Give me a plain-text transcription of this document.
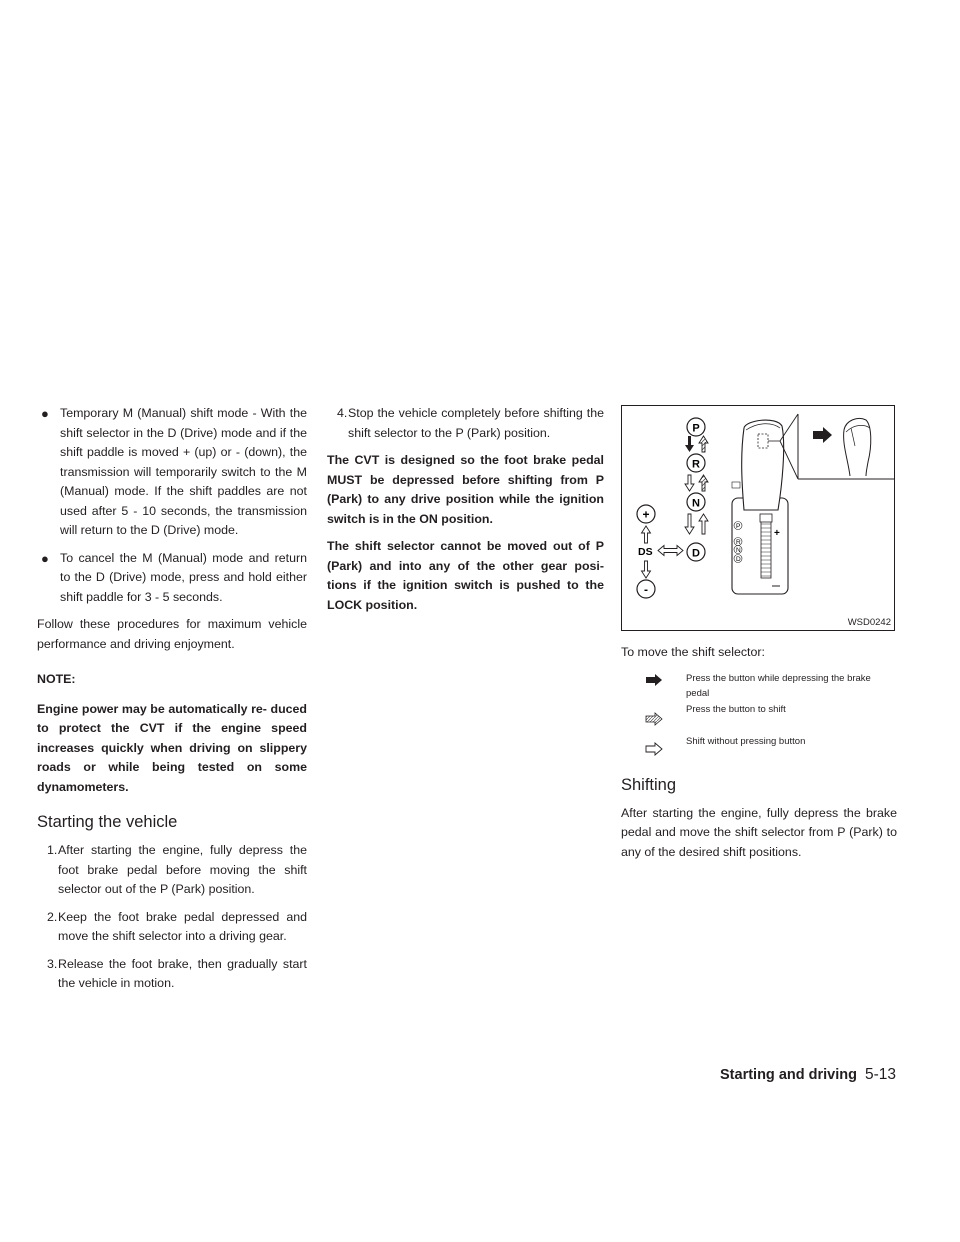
● Temporary M (Manual) shift mode - With the shift selector in the D (Drive) mode and if the shift paddle is moved + (up) or - (down), the transmission will temporarily switch to the M (Manual) mode. If the shift paddles are not used after 5 - 10 seconds, the transmission will return to the D (Drive) mode.
● To cancel the M (Manual) mode and return to the D (Drive) mode, press and hold either shift paddle for 3 - 5 seconds.

Follow these procedures for maximum vehicle performance and driving enjoyment.

NOTE:

Engine power may be automatically re- duced to protect the CVT if the engine speed increases quickly when driving on slippery roads or while being tested on some dynamometers.

Starting the vehicle
1. After starting the engine, fully depress the foot brake pedal before moving the shift selector out of the P (Park) position.
2. Keep the foot brake pedal depressed and move the shift selector into a driving gear.
3. Release the foot brake, then gradually start the vehicle in motion.
4. Stop the vehicle completely before shifting the shift selector to the P (Park) position.

The CVT is designed so the foot brake pedal MUST be depressed before shifting from P (Park) to any drive position while the ignition switch is in the ON position.

The shift selector cannot be moved out of P (Park) and into any of the other gear posi- tions if the ignition switch is pushed to the LOCK position.

P
R
N
D
+
DS
-
P
R
N
D
+
WSD0242

To move the shift selector:

Press the button while depressing the brake pedal
Press the button to shift
Shift without pressing button
Shifting

After starting the engine, fully depress the brake pedal and move the shift selector from P (Park) to any of the desired shift positions.

Starting and driving 5-13
